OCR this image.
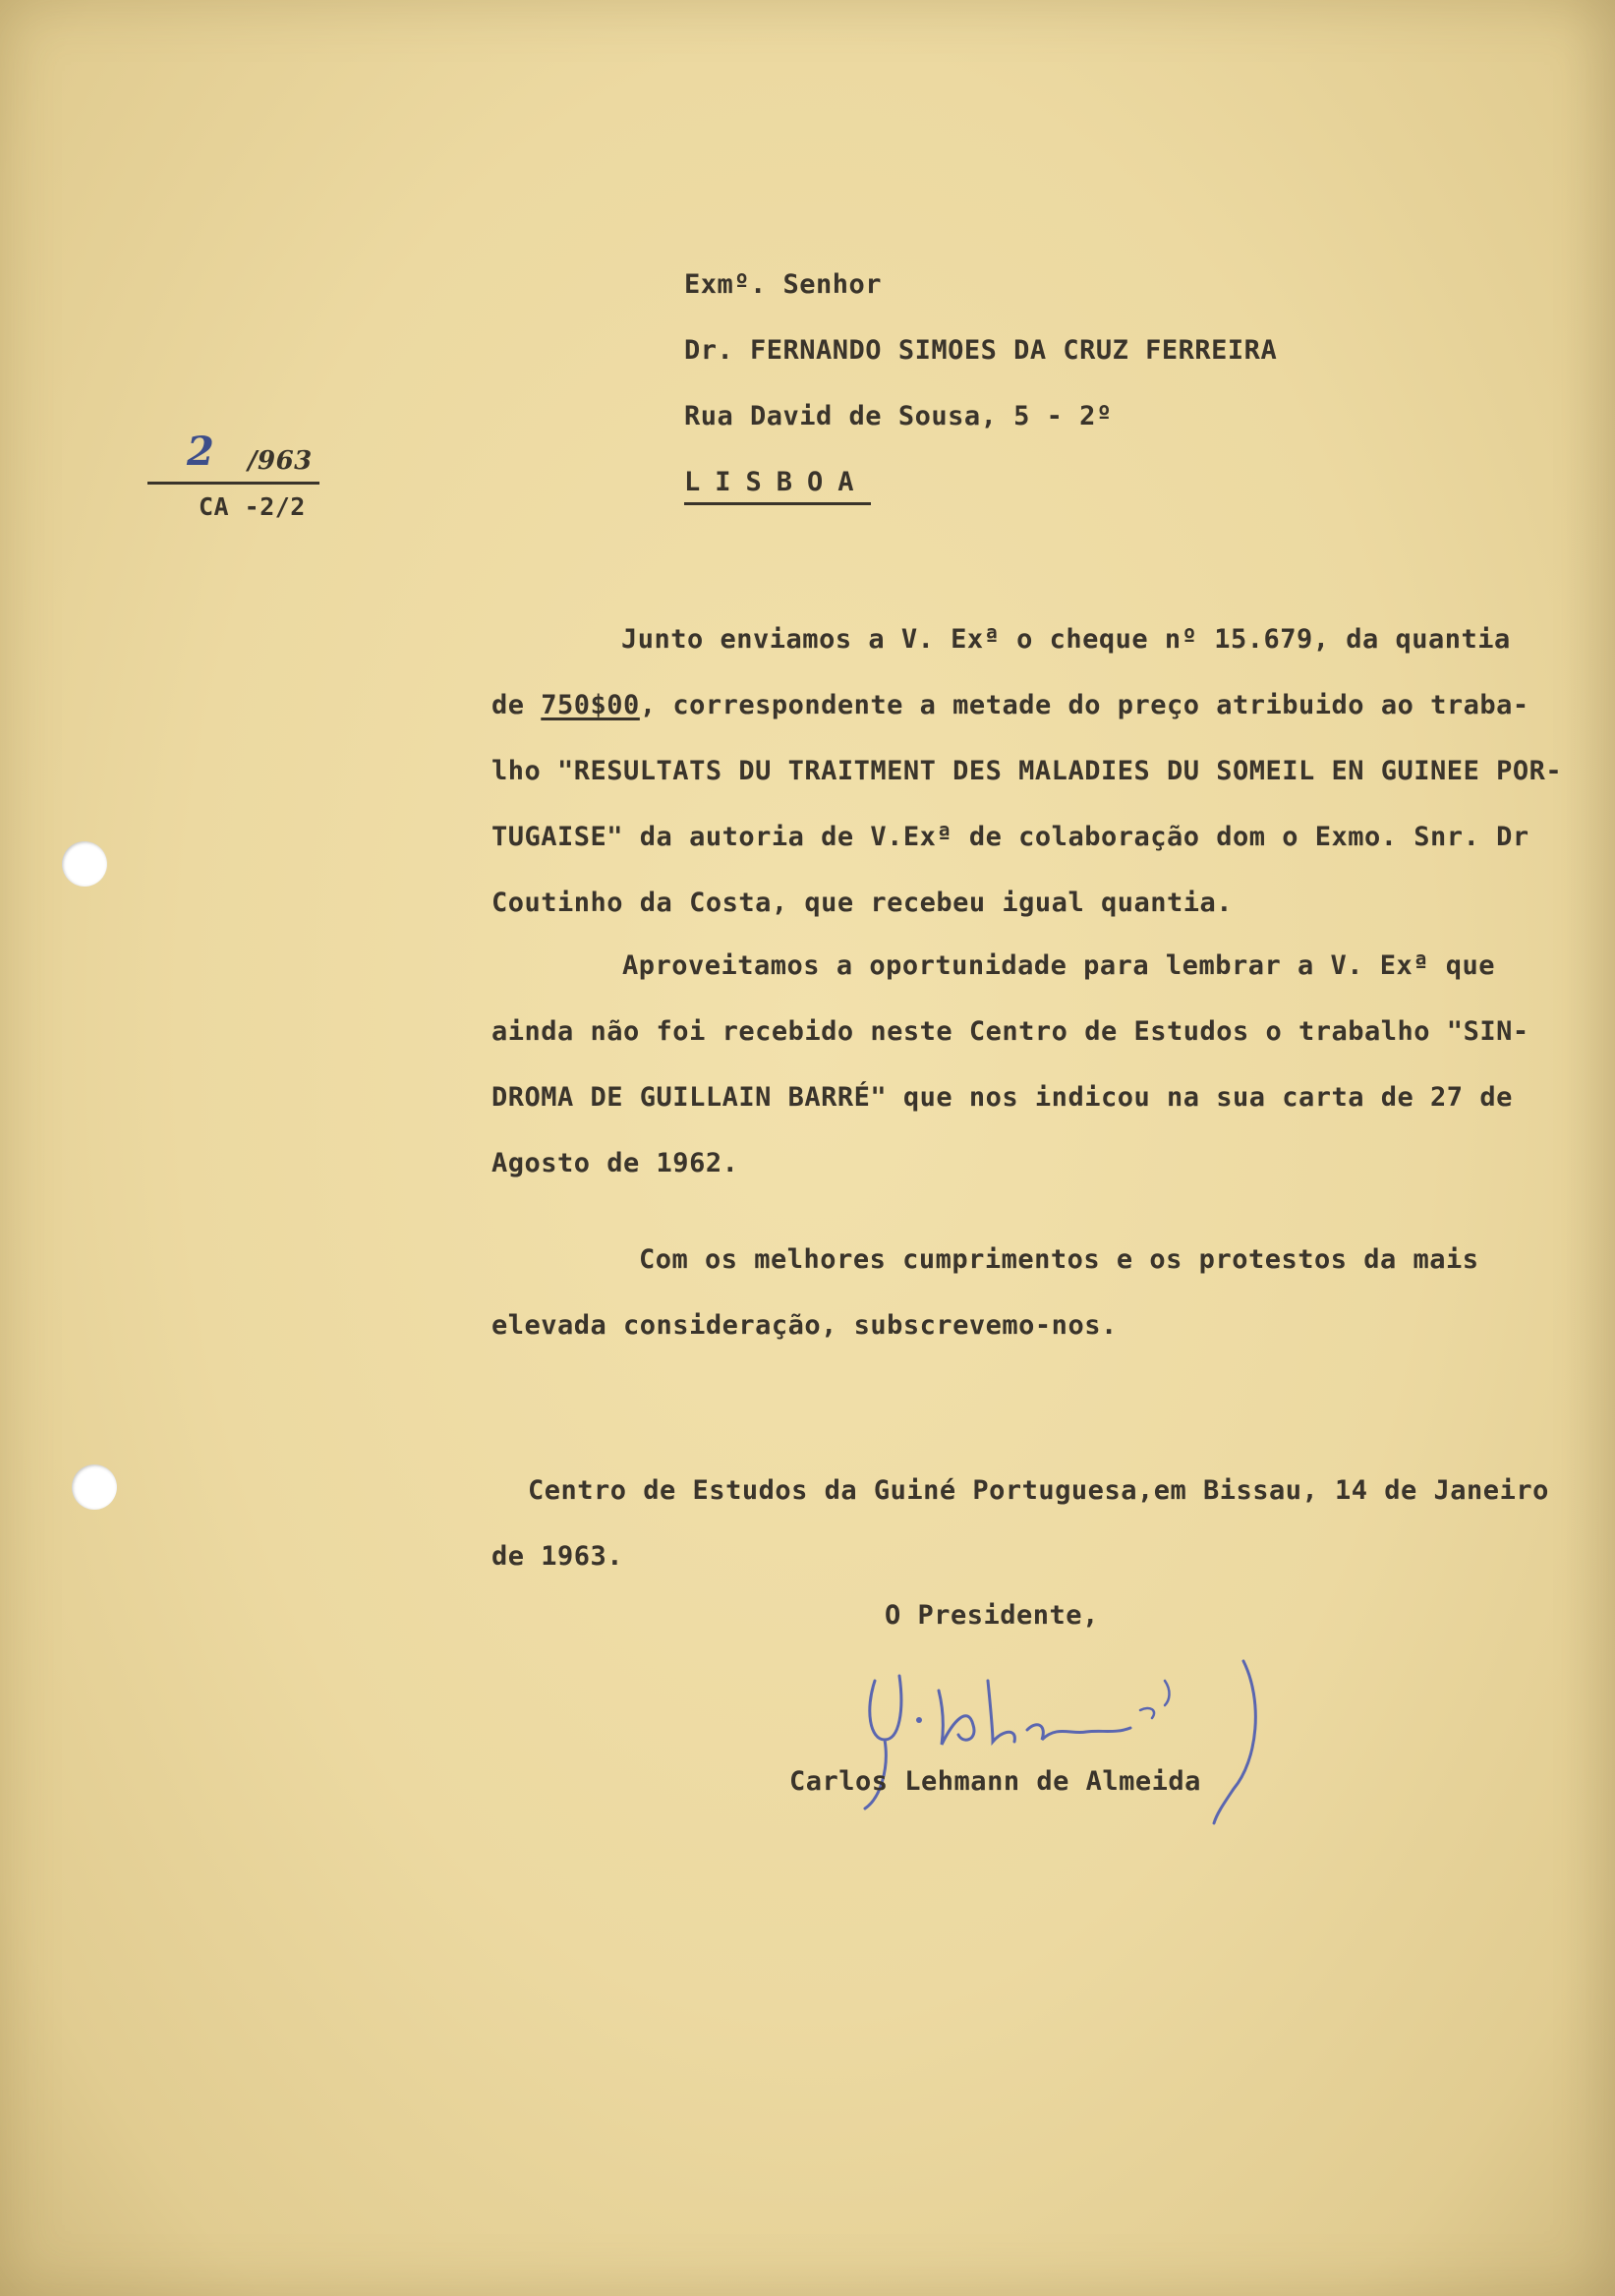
2 /963
CA -2/2
Exmº. Senhor
Dr. FERNANDO SIMOES DA CRUZ FERREIRA
Rua David de Sousa, 5 - 2º
LISBOA

Junto enviamos a V. Exª o cheque nº 15.679, da quantia
de 750$00, correspondente a metade do preço atribuido ao traba-
lho "RESULTATS DU TRAITMENT DES MALADIES DU SOMEIL EN GUINEE POR-
TUGAISE" da autoria de V.Exª de colaboração dom o Exmo. Snr. Dr
Coutinho da Costa, que recebeu igual quantia.

Aproveitamos a oportunidade para lembrar a V. Exª que
ainda não foi recebido neste Centro de Estudos o trabalho "SIN-
DROMA DE GUILLAIN BARRÉ" que nos indicou na sua carta de 27 de
Agosto de 1962.

Com os melhores cumprimentos e os protestos da mais
elevada consideração, subscrevemo-nos.

Centro de Estudos da Guiné Portuguesa,em Bissau, 14 de Janeiro
de 1963.
O Presidente,
Carlos Lehmann de Almeida
